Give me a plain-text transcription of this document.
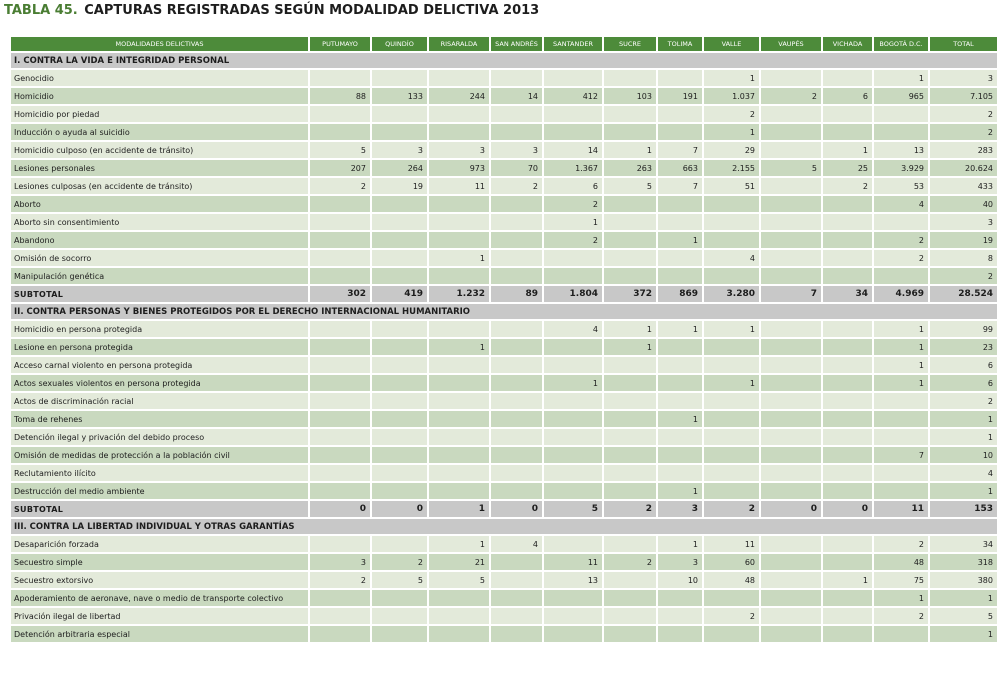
TABLA 45. CAPTURAS REGISTRADAS SEGÚN MODALIDAD DELICTIVA 2013
MODALIDADES DELICTIVAS	PUTUMAYO	QUINDÍO	RISARALDA	SAN ANDRÉS	SANTANDER	SUCRE	TOLIMA	VALLE	VAUPÉS	VICHADA	BOGOTÁ D.C.	TOTAL
I. CONTRA LA VIDA E INTEGRIDAD PERSONAL												
Genocidio								1			1	3
Homicidio	88	133	244	14	412	103	191	1.037	2	6	965	7.105
Homicidio por piedad								2				2
Inducción o ayuda al suicidio								1				2
Homicidio culposo (en accidente de tránsito)	5	3	3	3	14	1	7	29		1	13	283
Lesiones personales	207	264	973	70	1.367	263	663	2.155	5	25	3.929	20.624
Lesiones culposas (en accidente de tránsito)	2	19	11	2	6	5	7	51		2	53	433
Aborto					2						4	40
Aborto sin consentimiento					1							3
Abandono					2		1				2	19
Omisión de socorro			1					4			2	8
Manipulación genética												2
SUBTOTAL	302	419	1.232	89	1.804	372	869	3.280	7	34	4.969	28.524
II. CONTRA PERSONAS Y BIENES PROTEGIDOS POR EL DERECHO INTERNACIONAL HUMANITARIO												
Homicidio en persona protegida					4	1	1	1			1	99
Lesione en persona protegida			1			1					1	23
Acceso carnal violento en persona protegida											1	6
Actos sexuales violentos en persona protegida					1			1			1	6
Actos de discriminación racial												2
Toma de rehenes							1					1
Detención ilegal y privación del debido proceso												1
Omisión de medidas de protección a la población civil											7	10
Reclutamiento ilícito												4
Destrucción del medio ambiente							1					1
SUBTOTAL	0	0	1	0	5	2	3	2	0	0	11	153
III. CONTRA LA LIBERTAD INDIVIDUAL Y OTRAS GARANTÍAS												
Desaparición forzada			1	4			1	11			2	34
Secuestro simple	3	2	21		11	2	3	60			48	318
Secuestro extorsivo	2	5	5		13		10	48		1	75	380
Apoderamiento de aeronave, nave o medio de transporte colectivo											1	1
Privación ilegal de libertad								2			2	5
Detención arbitraria especial												1
